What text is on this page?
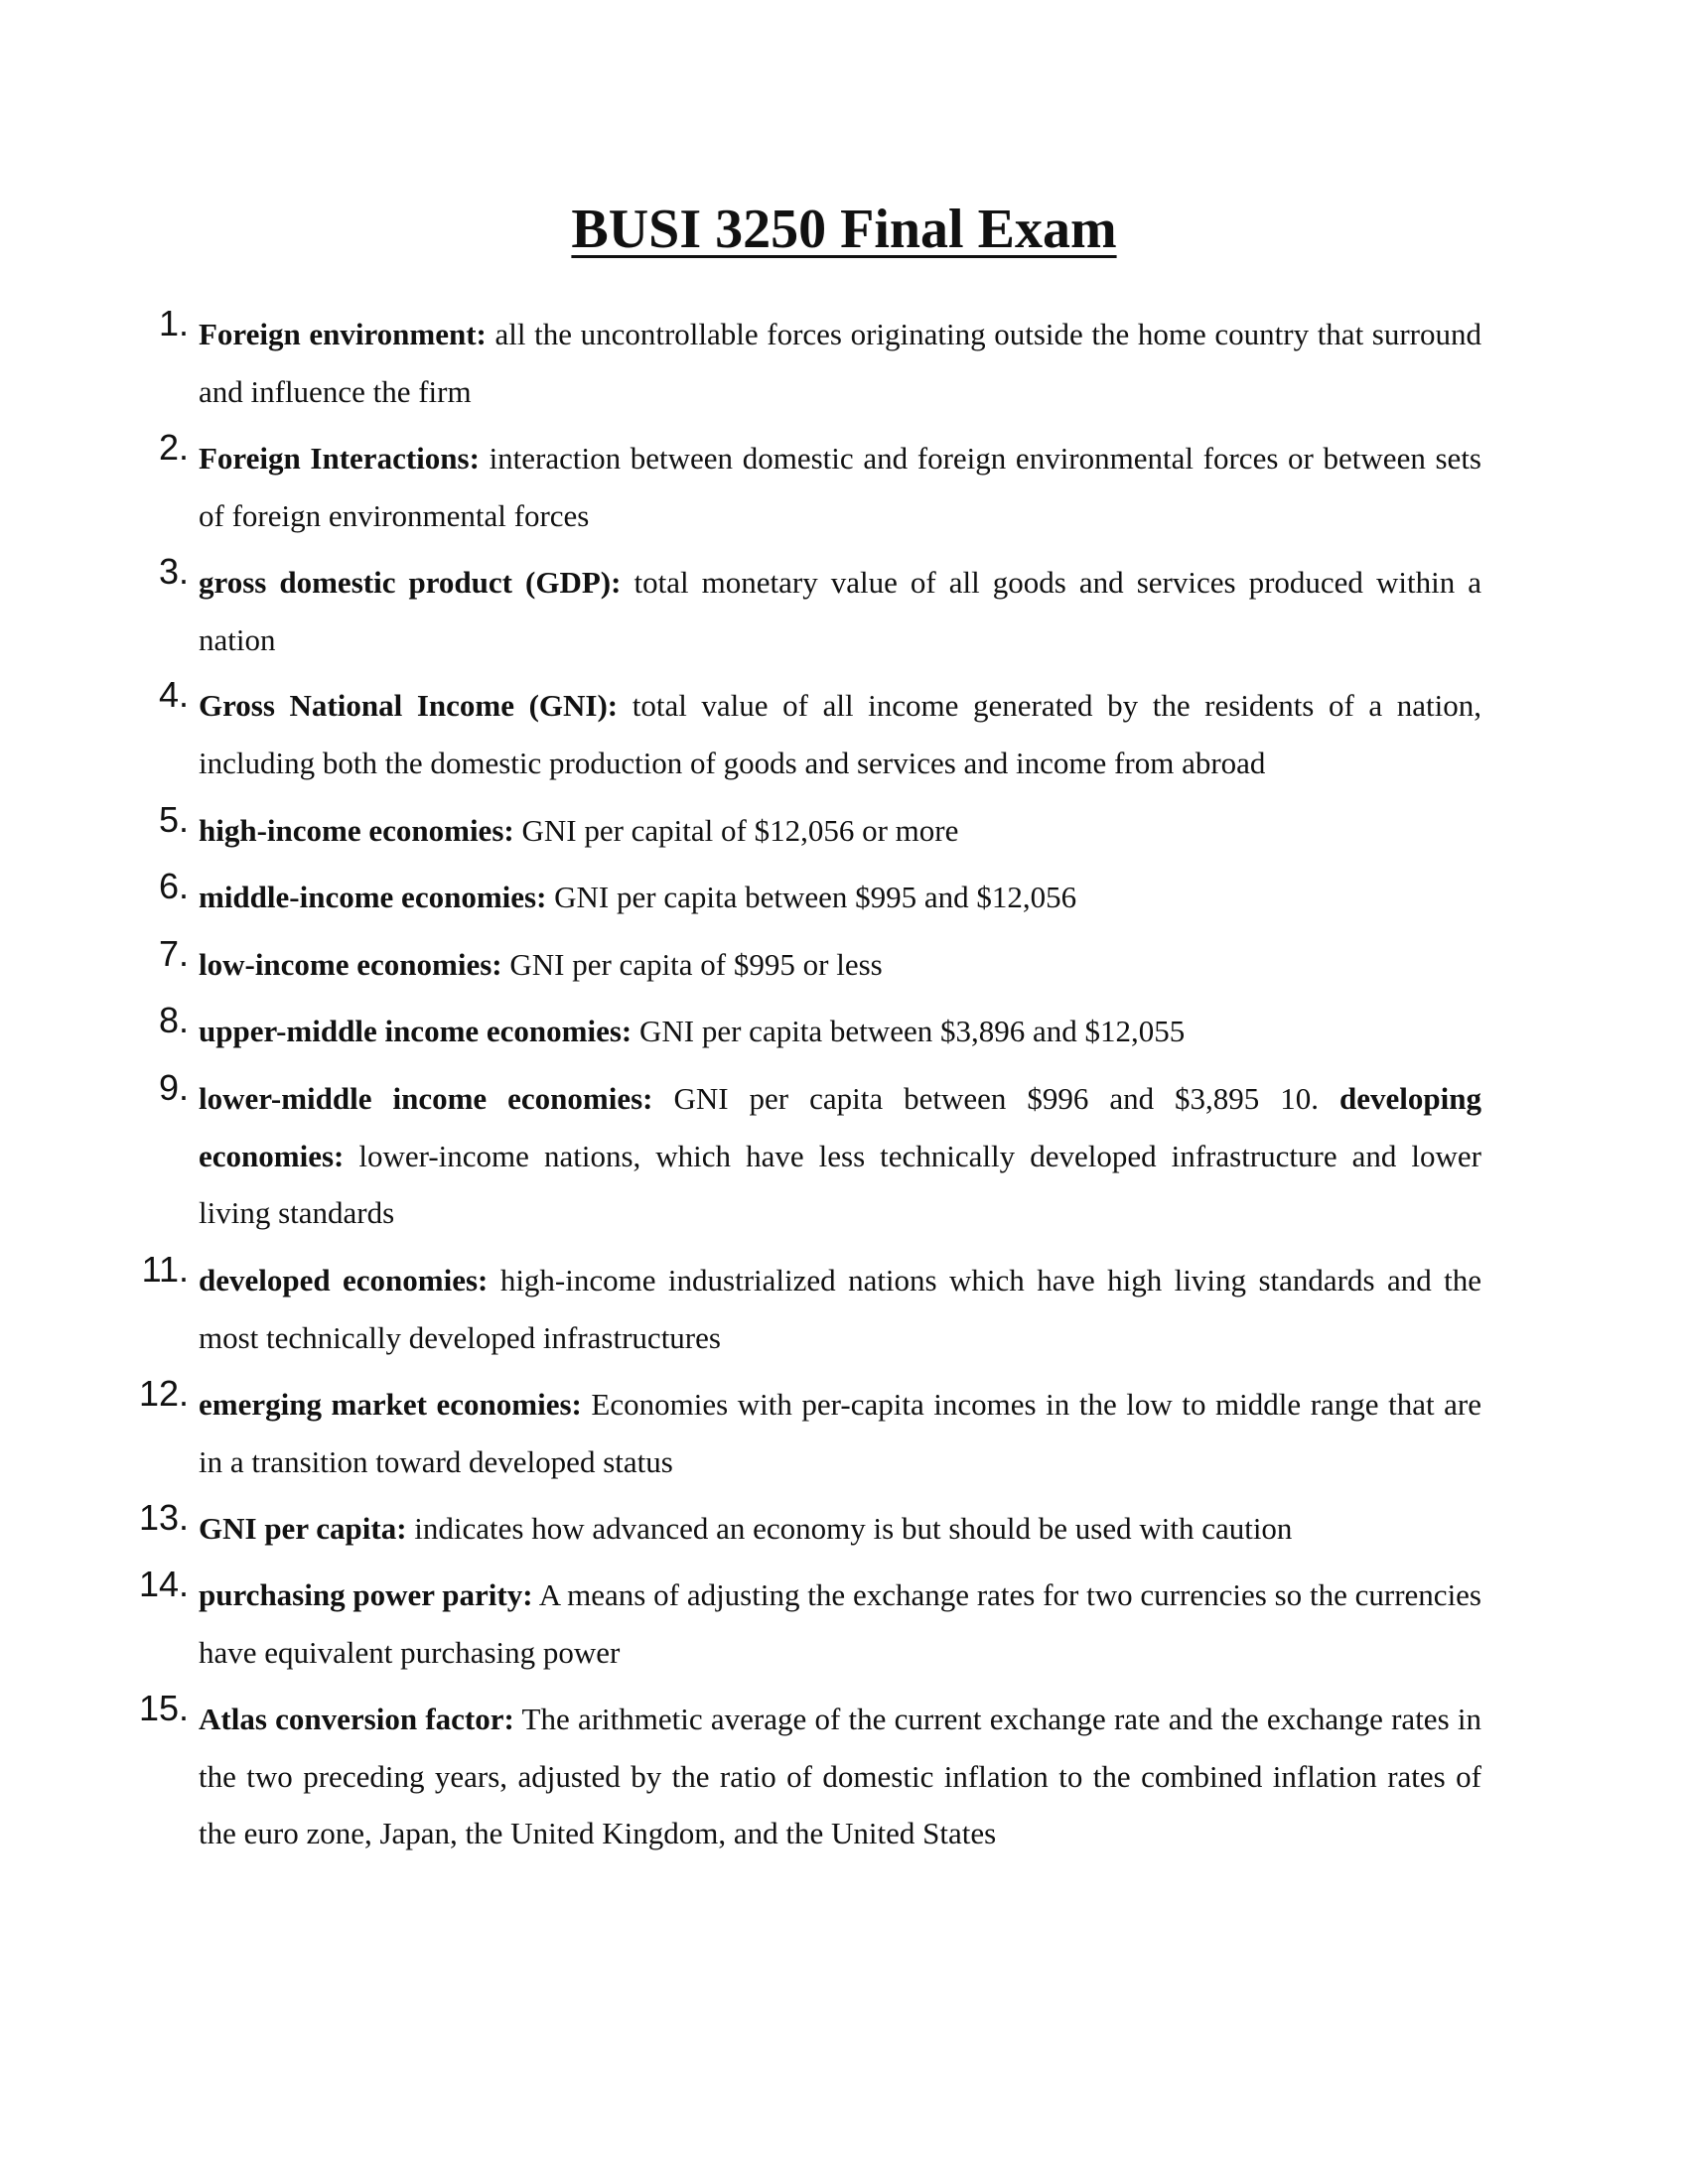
BUSI 3250 Final Exam
1. Foreign environment: all the uncontrollable forces originating outside the home country that surround and influence the firm
2. Foreign Interactions: interaction between domestic and foreign environmental forces or between sets of foreign environmental forces
3. gross domestic product (GDP): total monetary value of all goods and services produced within a nation
4. Gross National Income (GNI): total value of all income generated by the residents of a nation, including both the domestic production of goods and services and income from abroad
5. high-income economies: GNI per capital of $12,056 or more
6. middle-income economies: GNI per capita between $995 and $12,056
7. low-income economies: GNI per capita of $995 or less
8. upper-middle income economies: GNI per capita between $3,896 and $12,055
9. lower-middle income economies: GNI per capita between $996 and $3,895 10. developing economies: lower-income nations, which have less technically developed infrastructure and lower living standards
11. developed economies: high-income industrialized nations which have high living standards and the most technically developed infrastructures
12. emerging market economies: Economies with per-capita incomes in the low to middle range that are in a transition toward developed status
13. GNI per capita: indicates how advanced an economy is but should be used with caution
14. purchasing power parity: A means of adjusting the exchange rates for two currencies so the currencies have equivalent purchasing power
15. Atlas conversion factor: The arithmetic average of the current exchange rate and the exchange rates in the two preceding years, adjusted by the ratio of domestic inflation to the combined inflation rates of the euro zone, Japan, the United Kingdom, and the United States
